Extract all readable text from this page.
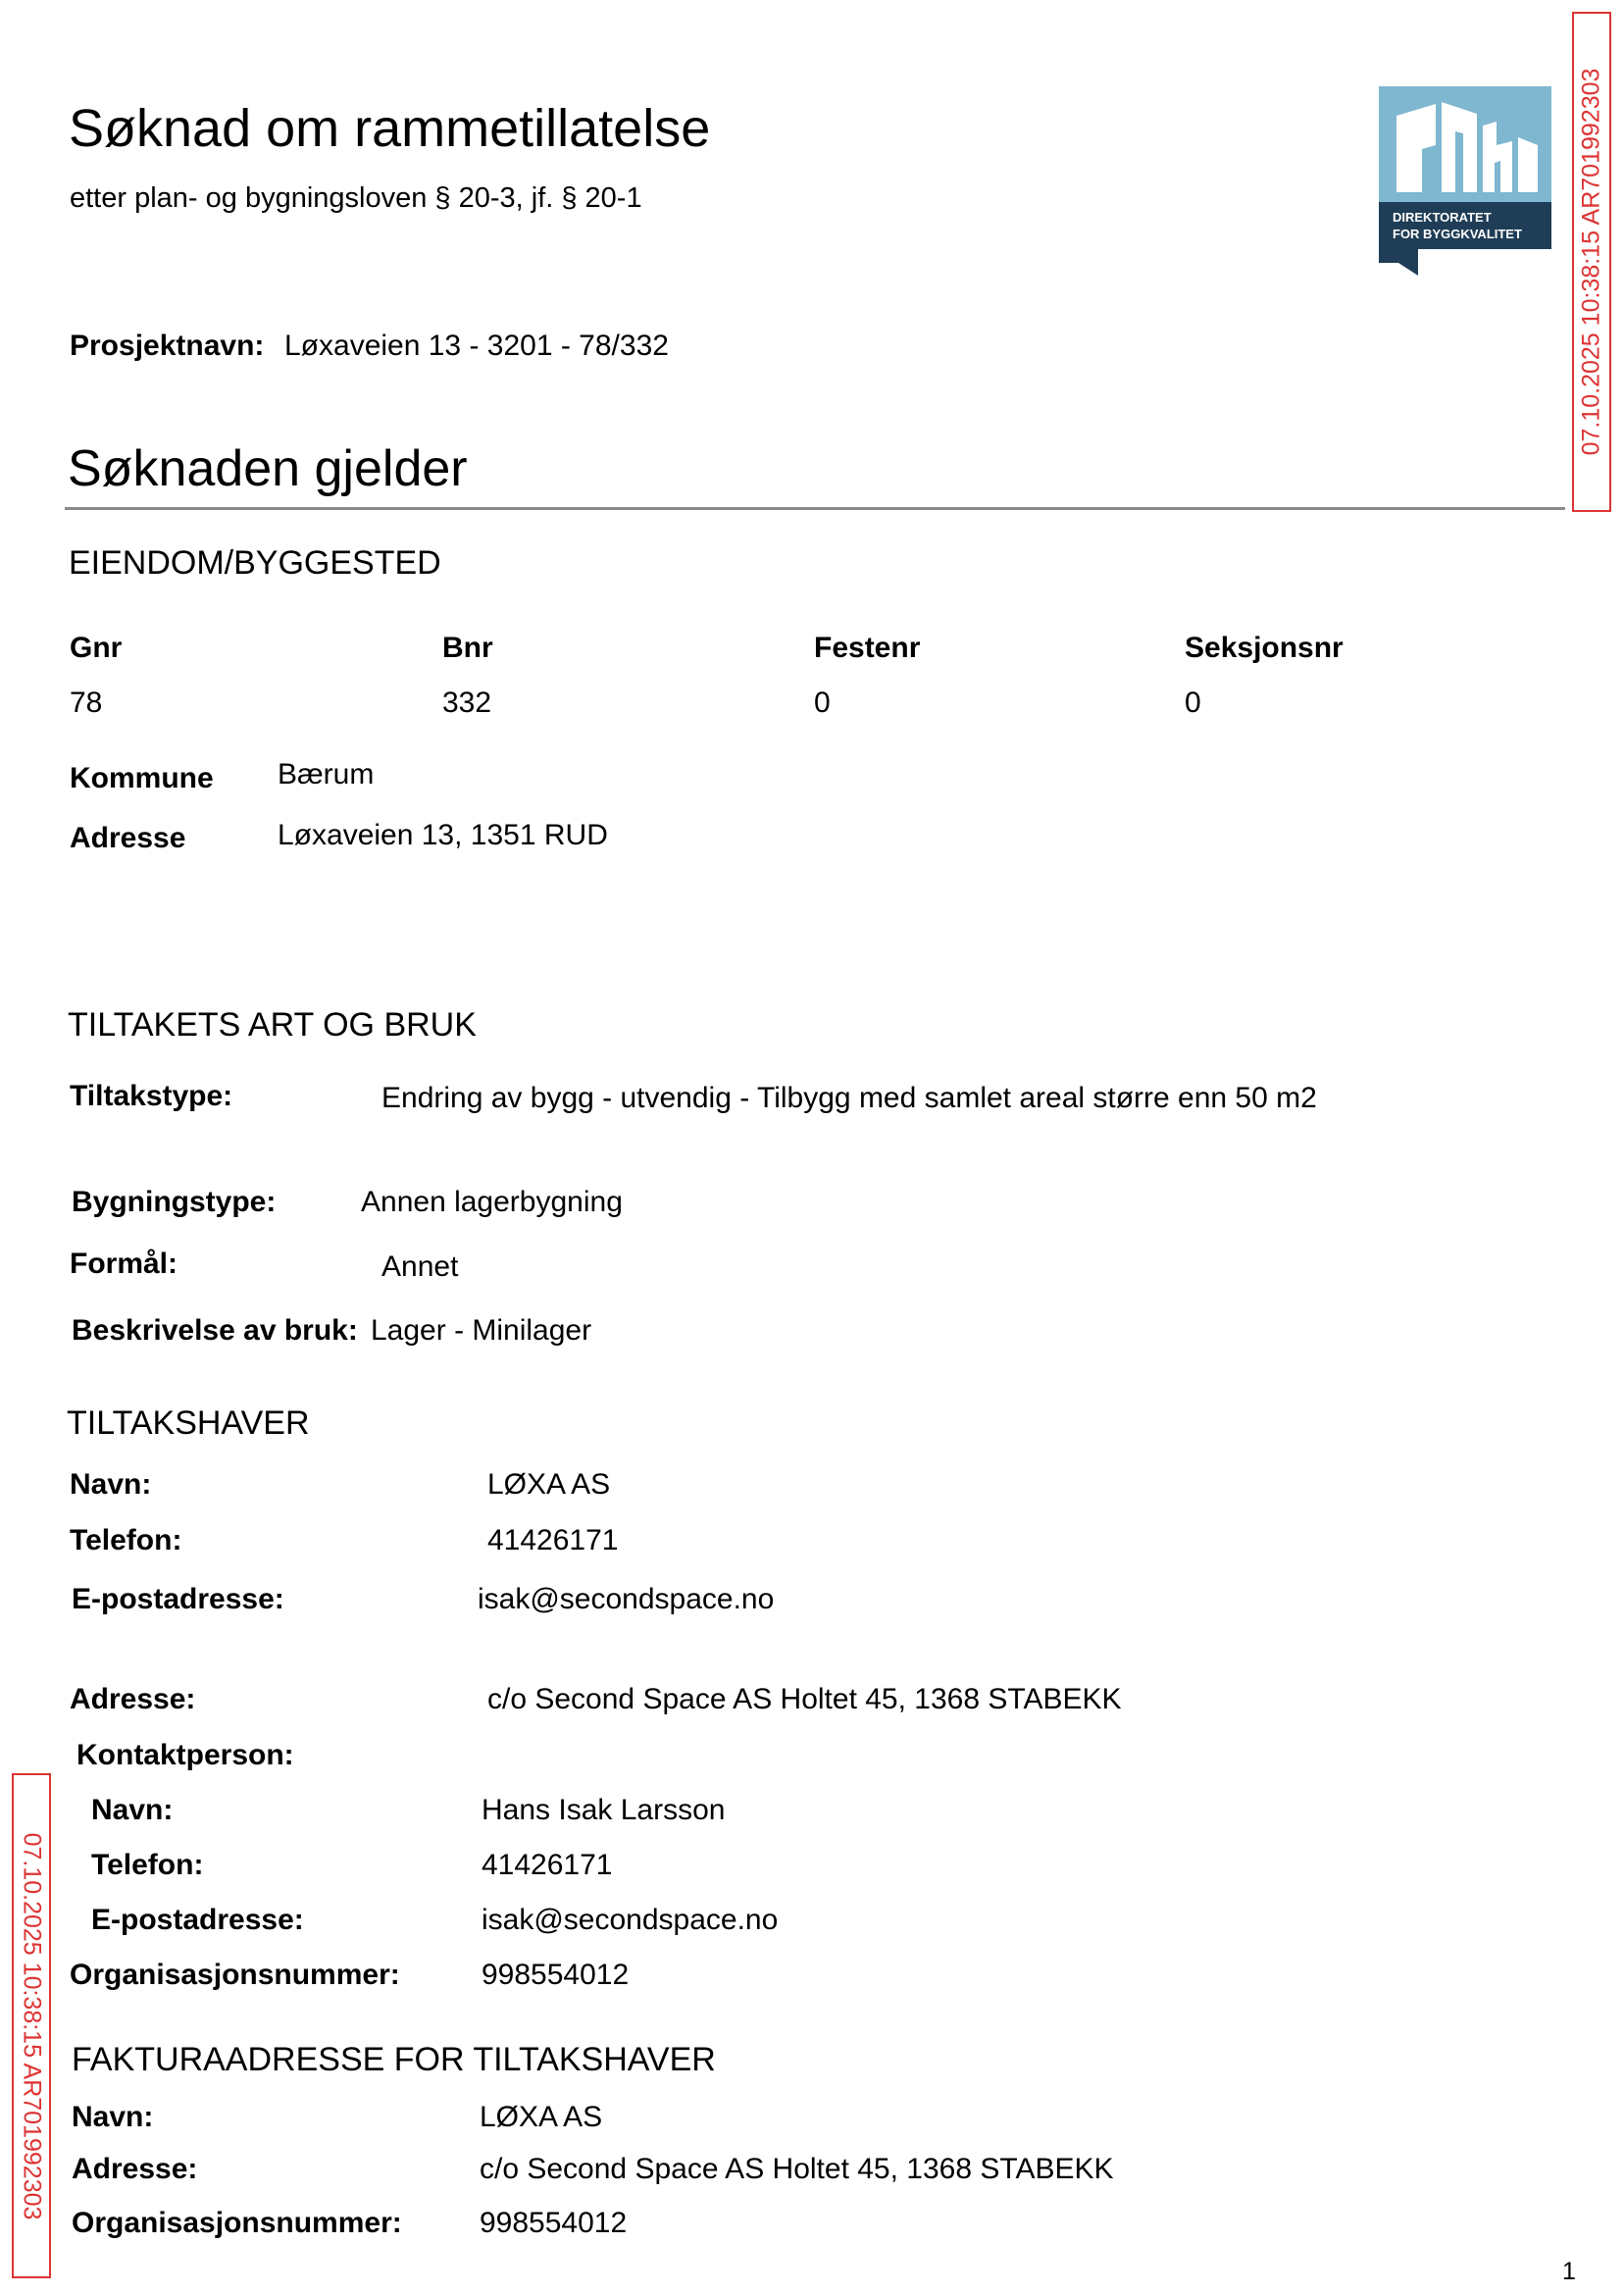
Søknad om rammetillatelse
etter plan- og bygningsloven § 20-3, jf. § 20-1
DIREKTORATET
FOR BYGGKVALITET 07.10.2025 10:38:15 AR701992303
07.10.2025 10:38:15 AR701992303
Prosjektnavn: Løxaveien 13 - 3201 - 78/332
Søknaden gjelder
EIENDOM/BYGGESTED
Gnr	Bnr	Festenr	Seksjonsnr
78	332	0	0
Kommune Bærum
Adresse	Løxaveien 13, 1351 RUD
TILTAKETS ART OG BRUK
Tiltakstype:	Endring av bygg - utvendig - Tilbygg med samlet areal større enn 50 m2
Bygningstype:	Annen lagerbygning
Formål:	Annet
Beskrivelse av bruk: Lager - Minilager
TILTAKSHAVER
Navn:	LØXA AS
Telefon:	41426171
E-postadresse:	isak@secondspace.no
Adresse:	c/o Second Space AS Holtet 45, 1368 STABEKK
Kontaktperson:
Navn:	Hans Isak Larsson
Telefon:	41426171
E-postadresse:	isak@secondspace.no
Organisasjonsnummer:	998554012
FAKTURAADRESSE FOR TILTAKSHAVER
Navn:	LØXA AS
Adresse:	c/o Second Space AS Holtet 45, 1368 STABEKK
Organisasjonsnummer:	998554012
1
